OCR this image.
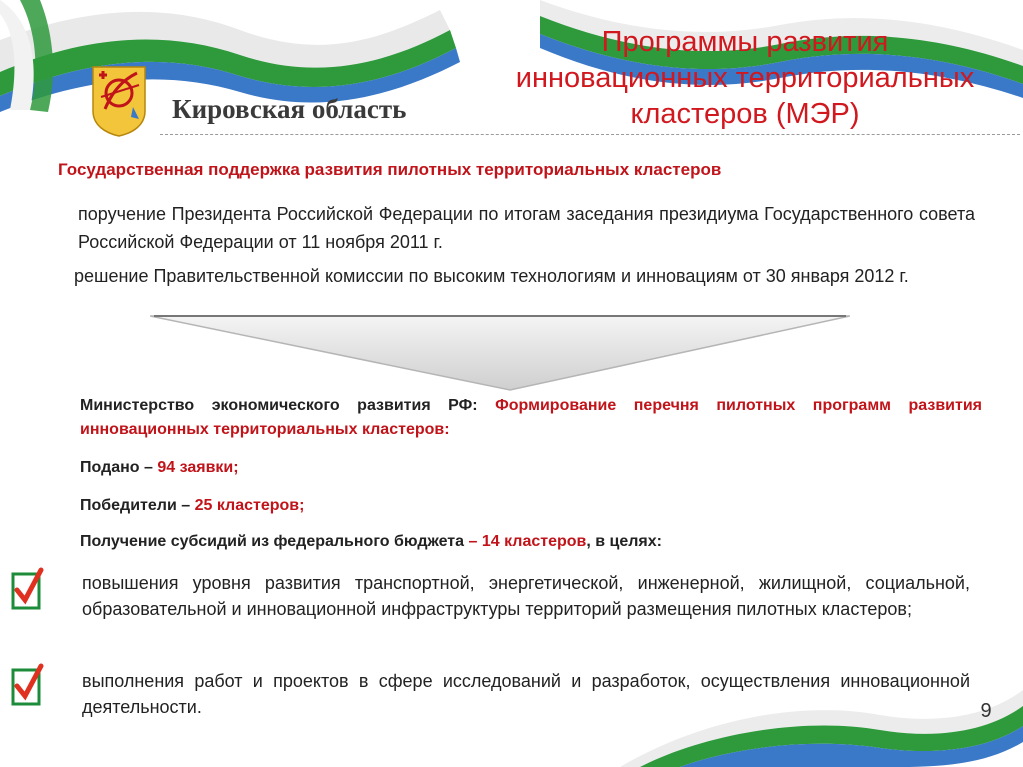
Кировская область
Программы развития
инновационных территориальных
кластеров (МЭР)
Государственная поддержка развития пилотных территориальных кластеров
поручение Президента Российской Федерации по итогам заседания президиума Государственного совета Российской Федерации от 11 ноября 2011 г.
решение Правительственной комиссии по высоким технологиям и инновациям от 30 января 2012 г.
Министерство экономического развития РФ: Формирование перечня пилотных программ развития инновационных территориальных кластеров:
Подано – 94 заявки;
Победители – 25 кластеров;
Получение субсидий из федерального бюджета – 14 кластеров, в целях:
повышения уровня развития транспортной, энергетической, инженерной, жилищной, социальной, образовательной и инновационной инфраструктуры территорий размещения пилотных кластеров;
выполнения работ и проектов в сфере исследований и разработок, осуществления инновационной деятельности.	9
